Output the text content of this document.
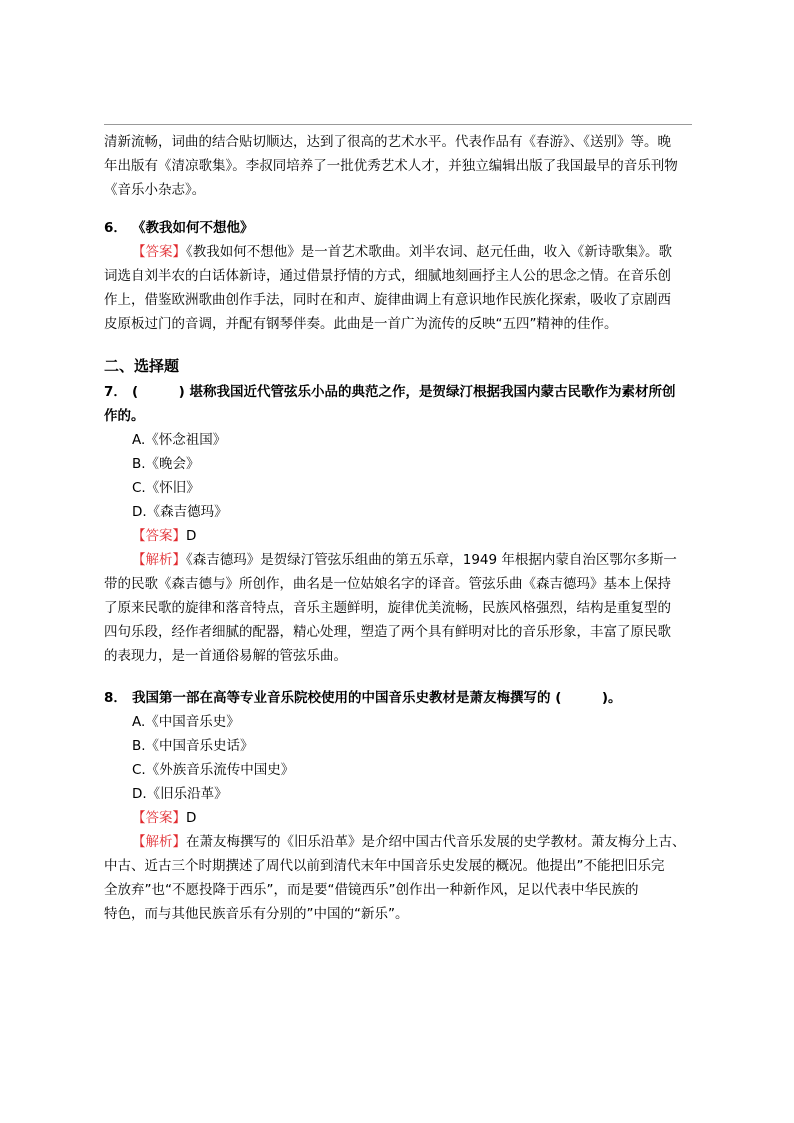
清新流畅，词曲的结合贴切顺达，达到了很高的艺术水平。代表作品有《春游》、《送别》等。晚
年出版有《清凉歌集》。李叔同培养了一批优秀艺术人才，并独立编辑出版了我国最早的音乐刊物
《音乐小杂志》。
6． 《教我如何不想他》
【答案】《教我如何不想他》是一首艺术歌曲。刘半农词、赵元任曲，收入《新诗歌集》。歌
词选自刘半农的白话体新诗，通过借景抒情的方式，细腻地刻画抒主人公的思念之情。在音乐创
作上，借鉴欧洲歌曲创作手法，同时在和声、旋律曲调上有意识地作民族化探索，吸收了京剧西
皮原板过门的音调，并配有钢琴伴奏。此曲是一首广为流传的反映“五四”精神的佳作。
二、选择题
7． (　　　) 堪称我国近代管弦乐小品的典范之作，是贺绿汀根据我国内蒙古民歌作为素材所创
作的。
A.《怀念祖国》
B.《晚会》
C.《怀旧》
D.《森吉德玛》
【答案】D
【解析】《森吉德玛》是贺绿汀管弦乐组曲的第五乐章，1949 年根据内蒙自治区鄂尔多斯一
带的民歌《森吉德与》所创作，曲名是一位姑娘名字的译音。管弦乐曲《森吉德玛》基本上保持
了原来民歌的旋律和落音特点，音乐主题鲜明，旋律优美流畅，民族风格强烈，结构是重复型的
四句乐段，经作者细腻的配器，精心处理，塑造了两个具有鲜明对比的音乐形象，丰富了原民歌
的表现力，是一首通俗易解的管弦乐曲。
8． 我国第一部在高等专业音乐院校使用的中国音乐史教材是萧友梅撰写的 (　　　)。
A.《中国音乐史》
B.《中国音乐史话》
C.《外族音乐流传中国史》
D.《旧乐沿革》
【答案】D
【解析】在萧友梅撰写的《旧乐沿革》是介绍中国古代音乐发展的史学教材。萧友梅分上古、
中古、近古三个时期撰述了周代以前到清代末年中国音乐史发展的概况。他提出”不能把旧乐完
全放弃”也“不愿投降于西乐”，而是要“借镜西乐”创作出一种新作风，足以代表中华民族的
特色，而与其他民族音乐有分别的”中国的“新乐”。
